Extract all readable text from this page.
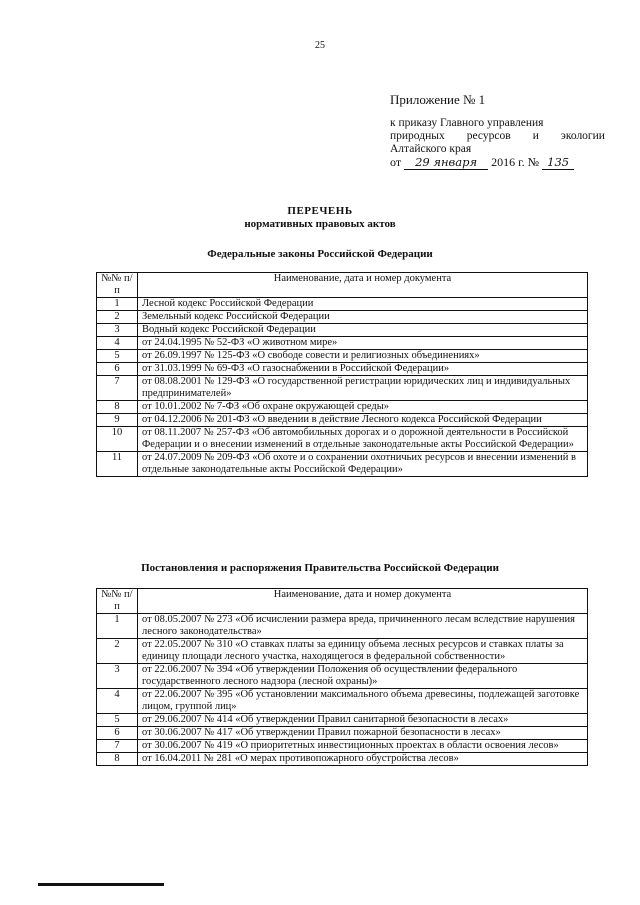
25
Приложение № 1
к приказу Главного управления
природных ресурсов и экологии
Алтайского края
от 29 января 2016 г. № 135
ПЕРЕЧЕНЬ
нормативных правовых актов
Федеральные законы Российской Федерации
№№ п/п	Наименование, дата и номер документа
1	Лесной кодекс Российской Федерации
2	Земельный кодекс Российской Федерации
3	Водный кодекс Российской Федерации
4	от 24.04.1995 № 52-ФЗ «О животном мире»
5	от 26.09.1997 № 125-ФЗ «О свободе совести и религиозных объединениях»
6	от 31.03.1999 № 69-ФЗ «О газоснабжении в Российской Федерации»
7	от 08.08.2001 № 129-ФЗ «О государственной регистрации юридических лиц и индивидуальных предпринимателей»
8	от 10.01.2002 № 7-ФЗ «Об охране окружающей среды»
9	от 04.12.2006 № 201-ФЗ «О введении в действие Лесного кодекса Российской Федерации
10	от 08.11.2007 № 257-ФЗ «Об автомобильных дорогах и о дорожной деятельности в Российской Федерации и о внесении изменений в отдельные законодательные акты Российской Федерации»
11	от 24.07.2009 № 209-ФЗ «Об охоте и о сохранении охотничьих ресурсов и внесении изменений в отдельные законодательные акты Российской Федерации»
Постановления и распоряжения Правительства Российской Федерации
№№ п/п	Наименование, дата и номер документа
1	от 08.05.2007 № 273 «Об исчислении размера вреда, причиненного лесам вследствие нарушения лесного законодательства»
2	от 22.05.2007 № 310 «О ставках платы за единицу объема лесных ресурсов и ставках платы за единицу площади лесного участка, находящегося в федеральной собственности»
3	от 22.06.2007 № 394 «Об утверждении Положения об осуществлении федерального государственного лесного надзора (лесной охраны)»
4	от 22.06.2007 № 395 «Об установлении максимального объема древесины, подлежащей заготовке лицом, группой лиц»
5	от 29.06.2007 № 414 «Об утверждении Правил санитарной безопасности в лесах»
6	от 30.06.2007 № 417 «Об утверждении Правил пожарной безопасности в лесах»
7	от 30.06.2007 № 419 «О приоритетных инвестиционных проектах в области освоения лесов»
8	от 16.04.2011 № 281 «О мерах противопожарного обустройства лесов»
